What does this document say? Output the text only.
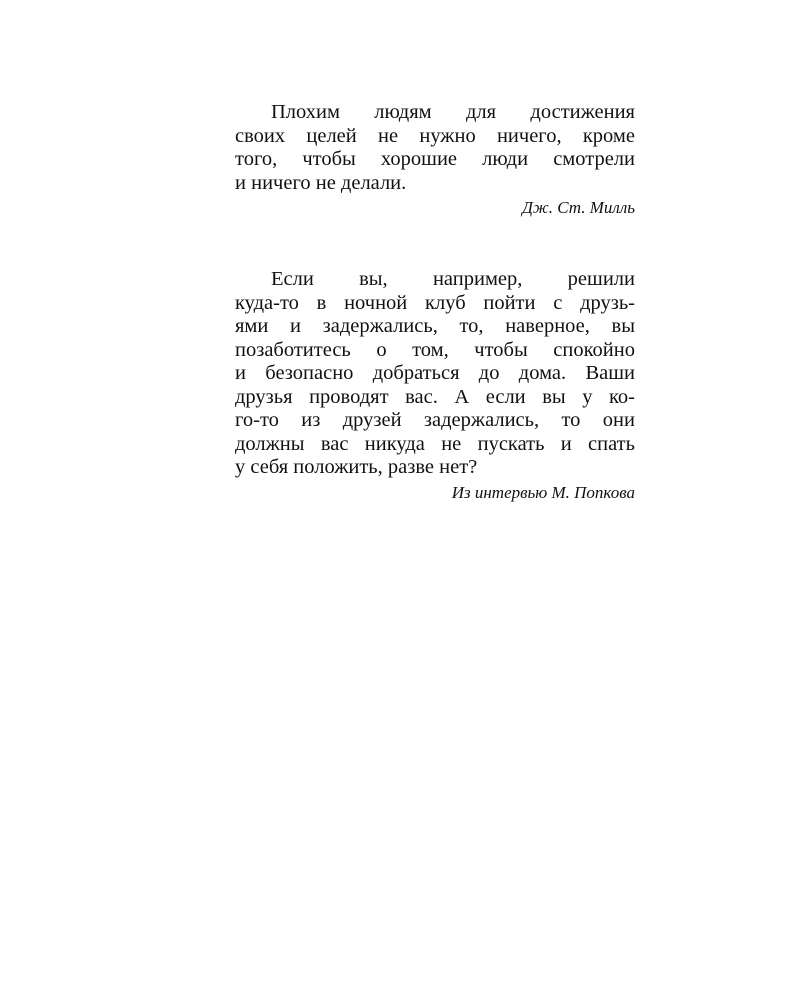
Плохим людям для достижения
своих целей не нужно ничего, кроме
того, чтобы хорошие люди смотрели
и ничего не делали.
Дж. Ст. Милль
Если вы, например, решили
куда-то в ночной клуб пойти с друзь-
ями и задержались, то, наверное, вы
позаботитесь о том, чтобы спокойно
и безопасно добраться до дома. Ваши
друзья проводят вас. А если вы у ко-
го-то из друзей задержались, то они
должны вас никуда не пускать и спать
у себя положить, разве нет?
Из интервью М. Попкова
